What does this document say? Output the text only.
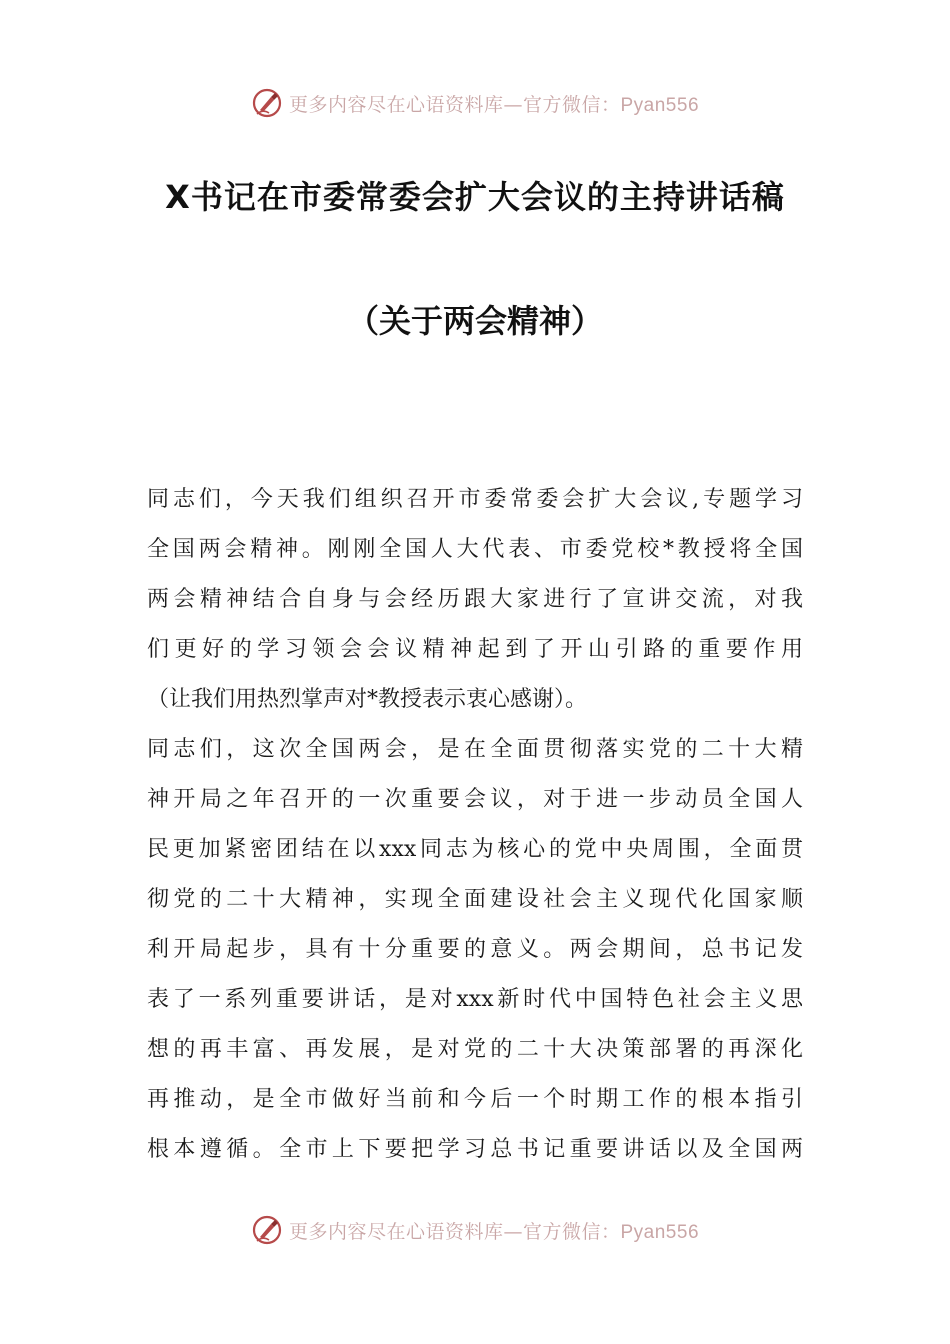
更多内容尽在心语资料库—官方微信：Pyan556
X书记在市委常委会扩大会议的主持讲话稿
（关于两会精神）
同志们，今天我们组织召开市委常委会扩大会议,专题学习
全国两会精神。刚刚全国人大代表、市委党校*教授将全国
两会精神结合自身与会经历跟大家进行了宣讲交流，对我
们更好的学习领会会议精神起到了开山引路的重要作用
（让我们用热烈掌声对*教授表示衷心感谢）。
同志们，这次全国两会，是在全面贯彻落实党的二十大精
神开局之年召开的一次重要会议，对于进一步动员全国人
民更加紧密团结在以xxx同志为核心的党中央周围，全面贯
彻党的二十大精神，实现全面建设社会主义现代化国家顺
利开局起步，具有十分重要的意义。两会期间，总书记发
表了一系列重要讲话，是对xxx新时代中国特色社会主义思
想的再丰富、再发展，是对党的二十大决策部署的再深化
再推动，是全市做好当前和今后一个时期工作的根本指引
根本遵循。全市上下要把学习总书记重要讲话以及全国两
更多内容尽在心语资料库—官方微信：Pyan556
